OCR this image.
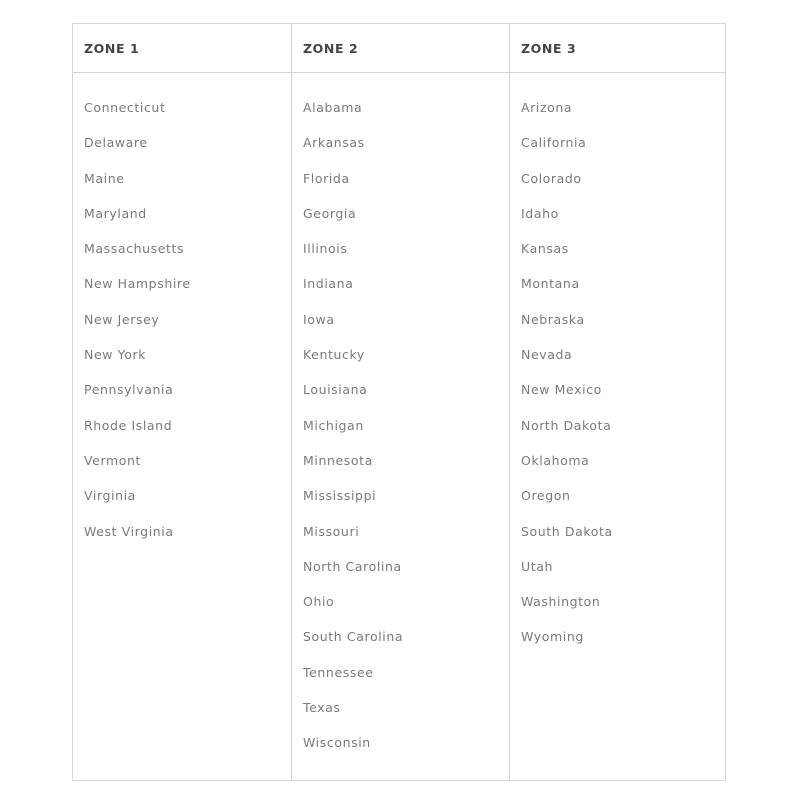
ZONE 1
Connecticut
Delaware
Maine
Maryland
Massachusetts
New Hampshire
New Jersey
New York
Pennsylvania
Rhode Island
Vermont
Virginia
West Virginia
ZONE 2
Alabama
Arkansas
Florida
Georgia
Illinois
Indiana
Iowa
Kentucky
Louisiana
Michigan
Minnesota
Mississippi
Missouri
North Carolina
Ohio
South Carolina
Tennessee
Texas
Wisconsin
ZONE 3
Arizona
California
Colorado
Idaho
Kansas
Montana
Nebraska
Nevada
New Mexico
North Dakota
Oklahoma
Oregon
South Dakota
Utah
Washington
Wyoming
